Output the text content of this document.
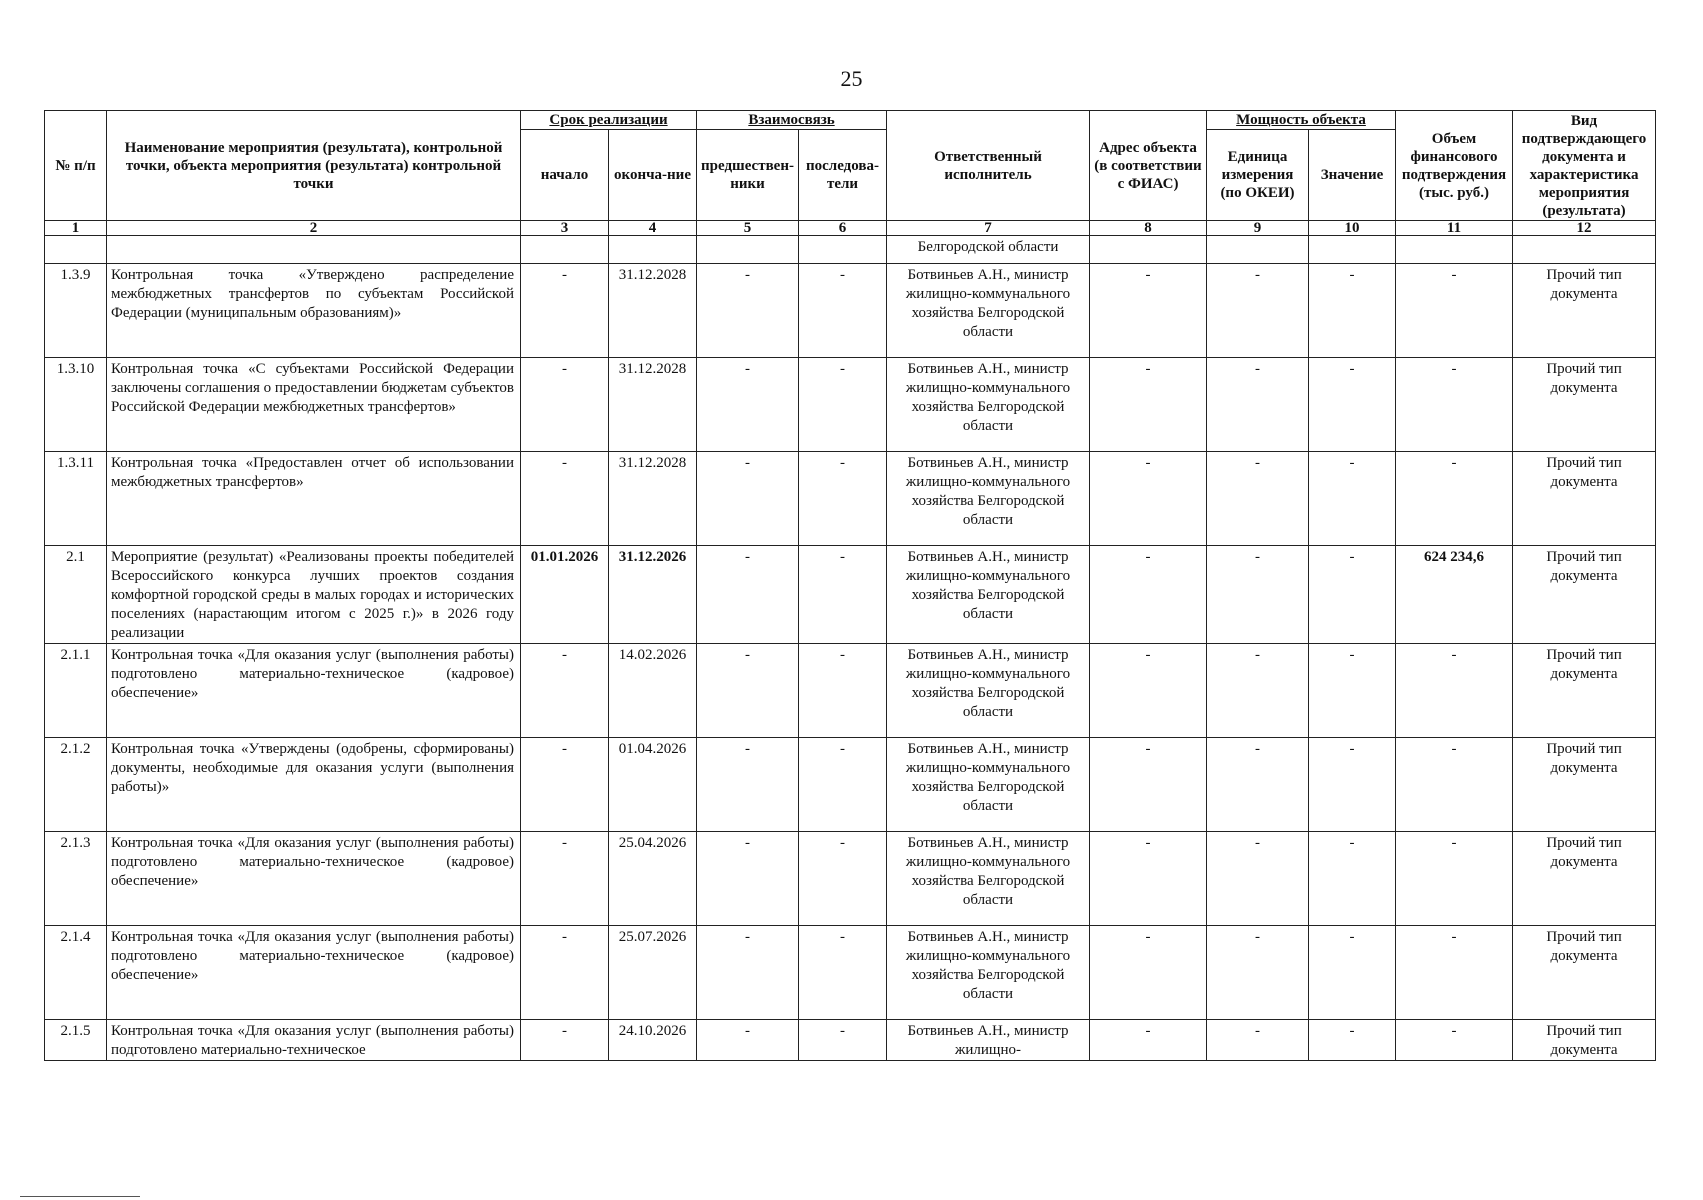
25
№ п/п	Наименование мероприятия (результата), контрольной точки, объекта мероприятия (результата) контрольной точки	Срок реализации		Взаимосвязь		Ответственный исполнитель	Адрес объекта (в соответствии с ФИАС)	Мощность объекта		Объем финансового подтверждения (тыс. руб.)	Вид подтверждающего документа и характеристика мероприятия (результата)
		начало	оконча-ние	предшествен-ники	последова-тели			Единица измерения (по ОКЕИ)	Значение		
1	2	3	4	5	6	7	8	9	10	11	12
						Белгородской области					
1.3.9	Контрольная точка «Утверждено распределение межбюджетных трансфертов по субъектам Российской Федерации (муниципальным образованиям)»	-	31.12.2028	-	-	Ботвиньев А.Н., министр жилищно-коммунального хозяйства Белгородской области	-	-	-	-	Прочий тип документа
1.3.10	Контрольная точка «С субъектами Российской Федерации заключены соглашения о предоставлении бюджетам субъектов Российской Федерации межбюджетных трансфертов»	-	31.12.2028	-	-	Ботвиньев А.Н., министр жилищно-коммунального хозяйства Белгородской области	-	-	-	-	Прочий тип документа
1.3.11	Контрольная точка «Предоставлен отчет об использовании межбюджетных трансфертов»	-	31.12.2028	-	-	Ботвиньев А.Н., министр жилищно-коммунального хозяйства Белгородской области	-	-	-	-	Прочий тип документа
2.1	Мероприятие (результат) «Реализованы проекты победителей Всероссийского конкурса лучших проектов создания комфортной городской среды в малых городах и исторических поселениях (нарастающим итогом с 2025 г.)» в 2026 году реализации	01.01.2026	31.12.2026	-	-	Ботвиньев А.Н., министр жилищно-коммунального хозяйства Белгородской области	-	-	-	624 234,6	Прочий тип документа
2.1.1	Контрольная точка «Для оказания услуг (выполнения работы) подготовлено материально-техническое (кадровое) обеспечение»	-	14.02.2026	-	-	Ботвиньев А.Н., министр жилищно-коммунального хозяйства Белгородской области	-	-	-	-	Прочий тип документа
2.1.2	Контрольная точка «Утверждены (одобрены, сформированы) документы, необходимые для оказания услуги (выполнения работы)»	-	01.04.2026	-	-	Ботвиньев А.Н., министр жилищно-коммунального хозяйства Белгородской области	-	-	-	-	Прочий тип документа
2.1.3	Контрольная точка «Для оказания услуг (выполнения работы) подготовлено материально-техническое (кадровое) обеспечение»	-	25.04.2026	-	-	Ботвиньев А.Н., министр жилищно-коммунального хозяйства Белгородской области	-	-	-	-	Прочий тип документа
2.1.4	Контрольная точка «Для оказания услуг (выполнения работы) подготовлено материально-техническое (кадровое) обеспечение»	-	25.07.2026	-	-	Ботвиньев А.Н., министр жилищно-коммунального хозяйства Белгородской области	-	-	-	-	Прочий тип документа
2.1.5	Контрольная точка «Для оказания услуг (выполнения работы) подготовлено материально-техническое	-	24.10.2026	-	-	Ботвиньев А.Н., министр жилищно-	-	-	-	-	Прочий тип документа
